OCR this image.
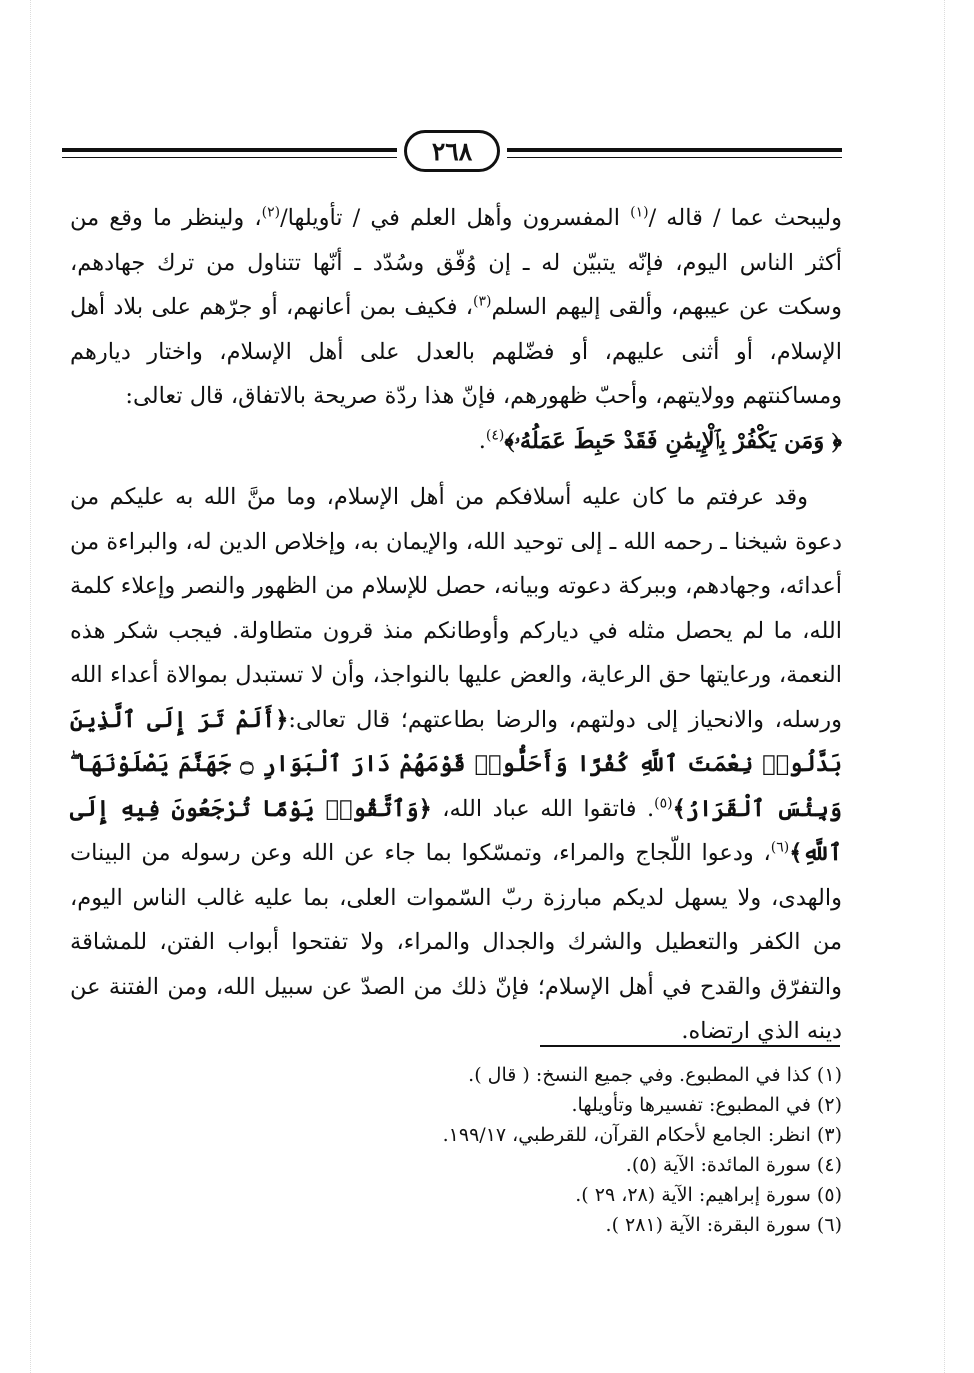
٢٦٨

وليبحث عما / قاله /$^{(١)}$ المفسرون وأهل العلم في / تأويلها/$^{(٢)}$، ولينظر ما وقع من أكثر الناس اليوم، فإنّه يتبيّن له ـ إن وُفّق وسُدّد ـ أنّها تتناول من ترك جهادهم، وسكت عن عيبهم، وألقى إليهم السلم$^{(٣)}$، فكيف بمن أعانهم، أو جرّهم على بلاد أهل الإسلام، أو أثنى عليهم، أو فضّلهم بالعدل على أهل الإسلام، واختار ديارهم ومساكنتهم وولايتهم، وأحبّ ظهورهم، فإنّ هذا ردّة صريحة بالاتفاق، قال تعالى:
﴿ وَمَن يَكْفُرْ بِٱلْإِيمَٰنِ فَقَدْ حَبِطَ عَمَلُهُۥ﴾$^{(٤)}$.

وقد عرفتم ما كان عليه أسلافكم من أهل الإسلام، وما منَّ الله به عليكم من دعوة شيخنا ـ رحمه الله ـ إلى توحيد الله، والإيمان به، وإخلاص الدين له، والبراءة من أعدائه، وجهادهم، وببركة دعوته وبيانه، حصل للإسلام من الظهور والنصر وإعلاء كلمة الله، ما لم يحصل مثله في دياركم وأوطانكم منذ قرون متطاولة. فيجب شكر هذه النعمة، ورعايتها حق الرعاية، والعض عليها بالنواجذ، وأن لا تستبدل بموالاة أعداء الله ورسله، والانحياز إلى دولتهم، والرضا بطاعتهم؛ قال تعالى:﴿أَلَمْ تَرَ إِلَى ٱلَّذِينَ بَدَّلُوا۟ نِعْمَتَ ٱللَّهِ كُفْرًا وَأَحَلُّوا۟ قَوْمَهُمْ دَارَ ٱلْبَوَارِ ۝ جَهَنَّمَ يَصْلَوْنَهَا ۖ وَبِئْسَ ٱلْقَرَارُ﴾$^{(٥)}$. فاتقوا الله عباد الله، ﴿وَٱتَّقُوا۟ يَوْمًا تُرْجَعُونَ فِيهِ إِلَى ٱللَّهِ﴾$^{(٦)}$، ودعوا اللّجاج والمراء، وتمسّكوا بما جاء عن الله وعن رسوله من البينات والهدى، ولا يسهل لديكم مبارزة ربّ السّموات العلى، بما عليه غالب الناس اليوم، من الكفر والتعطيل والشرك والجدال والمراء، ولا تفتحوا أبواب الفتن، للمشاقة والتفرّق والقدح في أهل الإسلام؛ فإنّ ذلك من الصدّ عن سبيل الله، ومن الفتنة عن دينه الذي ارتضاه.

(١) كذا في المطبوع. وفي جميع النسخ: ( قال ).

(٢) في المطبوع: تفسيرها وتأويلها.

(٣) انظر: الجامع لأحكام القرآن، للقرطبي، ١٩٩/١٧.

(٤) سورة المائدة: الآية (٥).

(٥) سورة إبراهيم: الآية (٢٨، ٢٩ ).

(٦) سورة البقرة: الآية (٢٨١ ).
